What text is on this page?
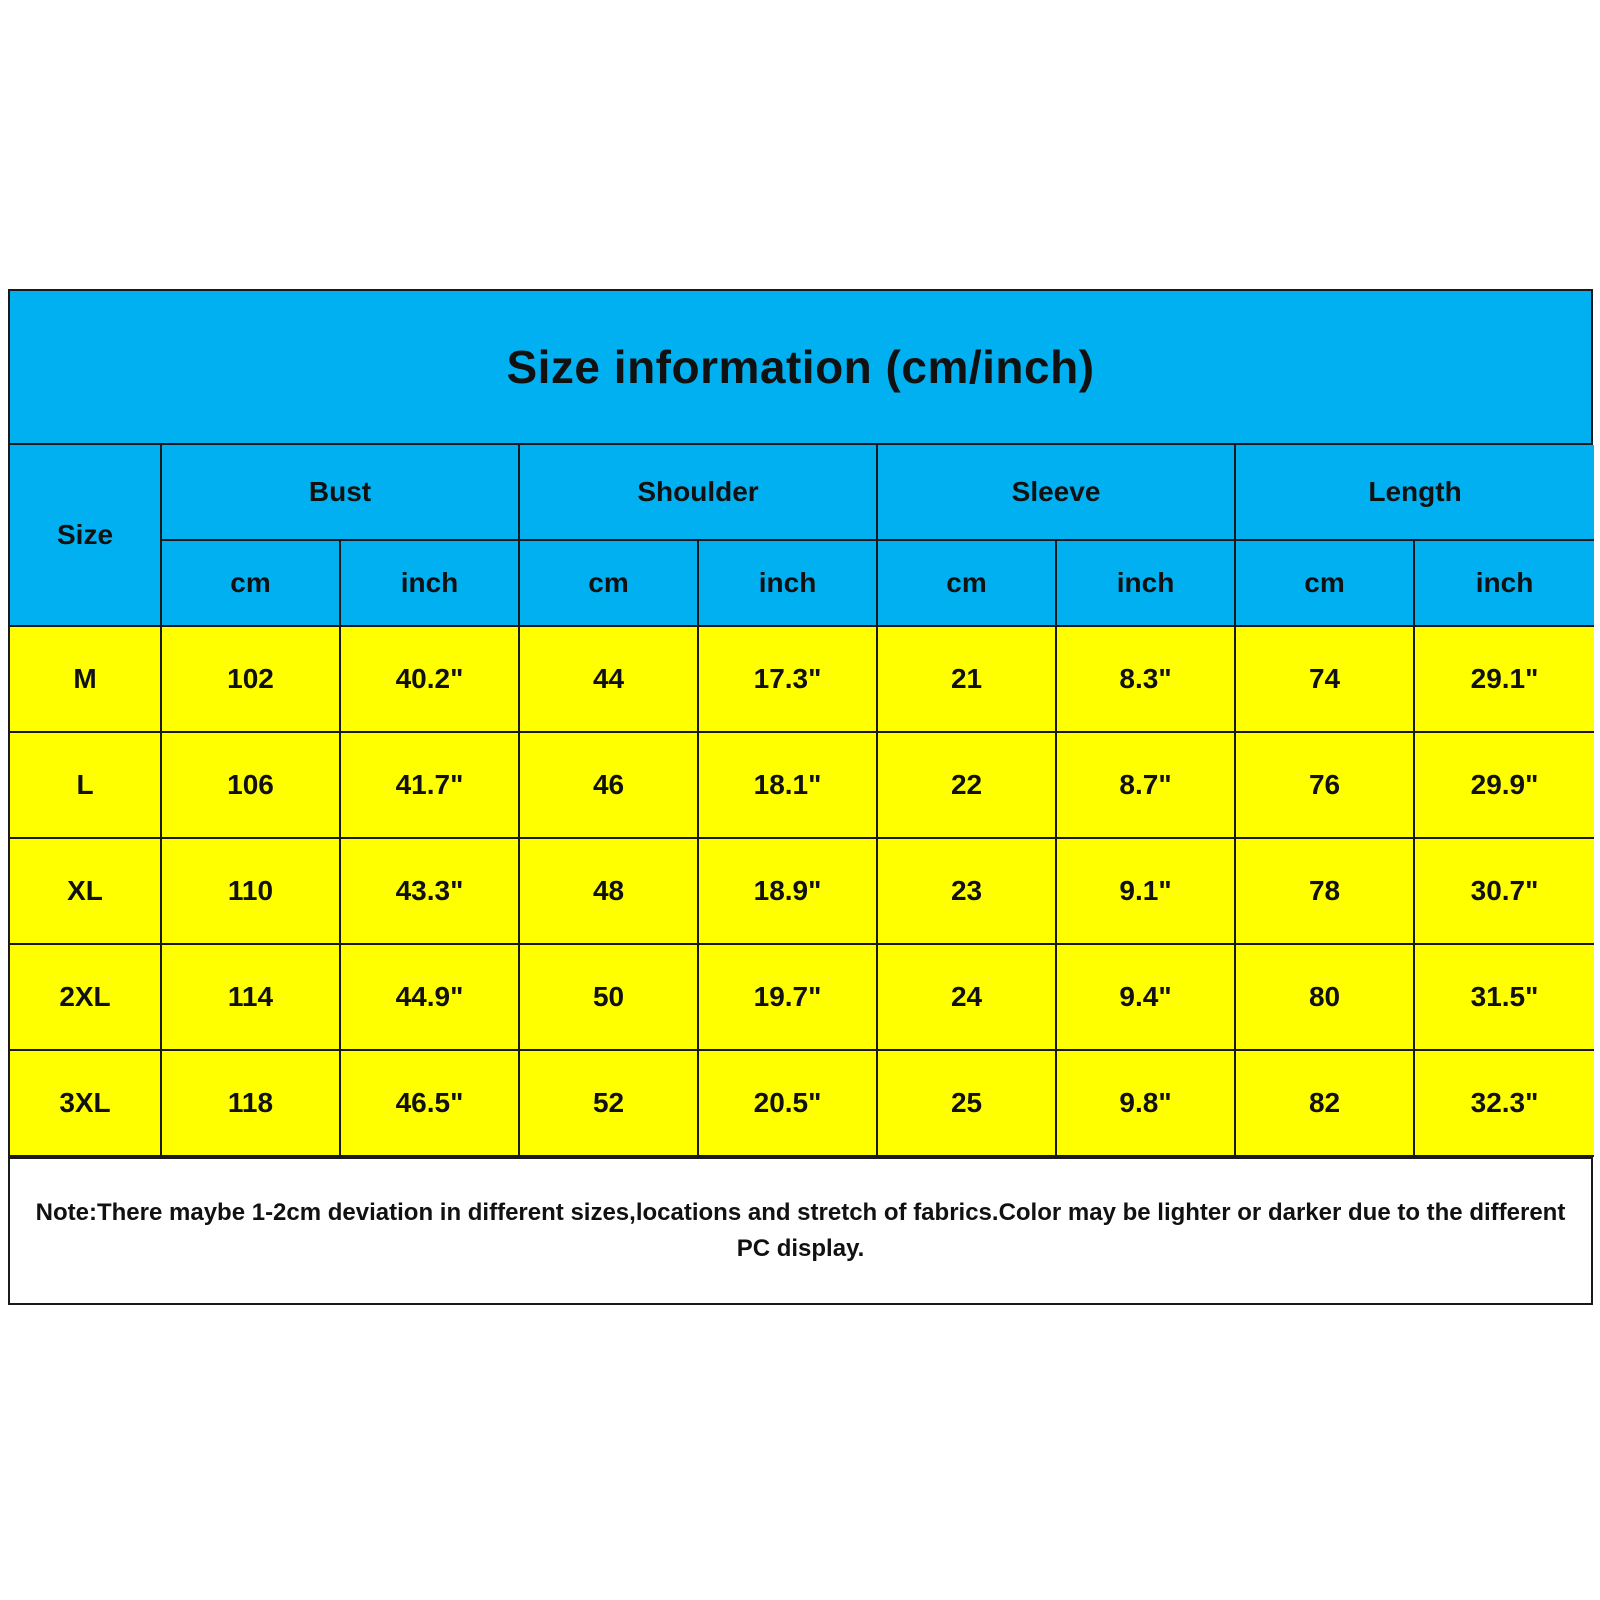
Size information (cm/inch)
Size	Bust		Shoulder		Sleeve		Length	
	cm	inch	cm	inch	cm	inch	cm	inch
M	102	40.2"	44	17.3"	21	8.3"	74	29.1"
L	106	41.7"	46	18.1"	22	8.7"	76	29.9"
XL	110	43.3"	48	18.9"	23	9.1"	78	30.7"
2XL	114	44.9"	50	19.7"	24	9.4"	80	31.5"
3XL	118	46.5"	52	20.5"	25	9.8"	82	32.3"
Note:There maybe 1-2cm deviation in different sizes,locations and stretch of fabrics.Color may be lighter or darker due to the different PC display.
